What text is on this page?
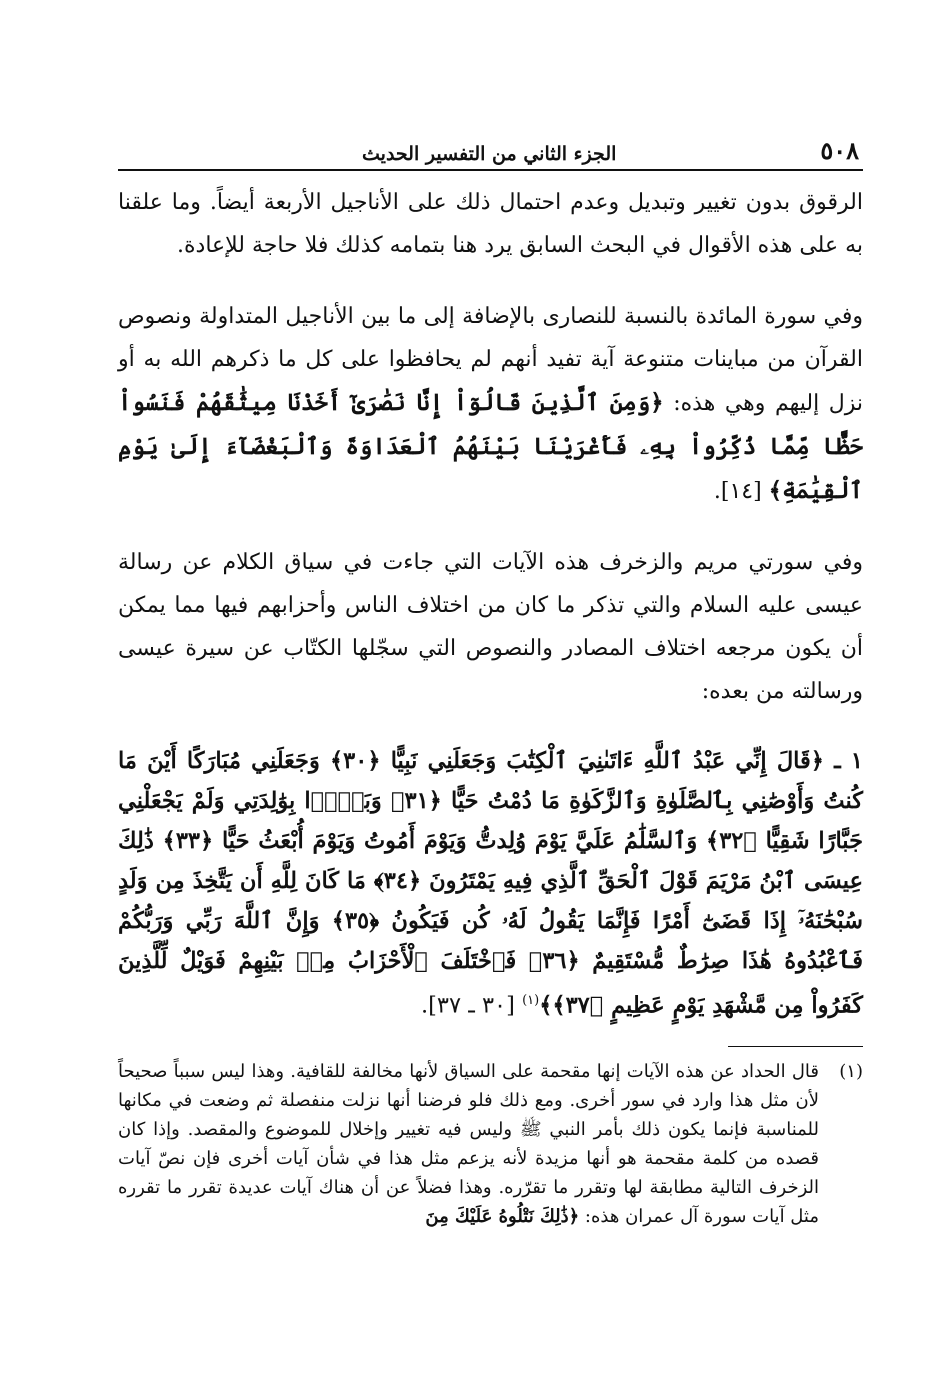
٥٠٨
الجزء الثاني من التفسير الحديث

الرقوق بدون تغيير وتبديل وعدم احتمال ذلك على الأناجيل الأربعة أيضاً. وما علقنا به على هذه الأقوال في البحث السابق يرد هنا بتمامه كذلك فلا حاجة للإعادة.

وفي سورة المائدة بالنسبة للنصارى بالإضافة إلى ما بين الأناجيل المتداولة ونصوص القرآن من مباينات متنوعة آية تفيد أنهم لم يحافظوا على كل ما ذكرهم الله به أو نزل إليهم وهي هذه: ﴿وَمِنَ ٱلَّذِينَ قَالُوٓاْ إِنَّا نَصَٰرَىٰٓ أَخَذْنَا مِيثَٰقَهُمْ فَنَسُواْ حَظًّا مِّمَّا ذُكِّرُواْ بِهِۦ فَأَغْرَيْنَا بَيْنَهُمُ ٱلْعَدَاوَةَ وَٱلْبَغْضَآءَ إِلَىٰ يَوْمِ ٱلْقِيَٰمَةِ﴾ [١٤].

وفي سورتي مريم والزخرف هذه الآيات التي جاءت في سياق الكلام عن رسالة عيسى عليه السلام والتي تذكر ما كان من اختلاف الناس وأحزابهم فيها مما يمكن أن يكون مرجعه اختلاف المصادر والنصوص التي سجّلها الكتّاب عن سيرة عيسى ورسالته من بعده:

١ ـ ﴿قَالَ إِنِّي عَبْدُ ٱللَّهِ ءَاتَىٰنِيَ ٱلْكِتَٰبَ وَجَعَلَنِي نَبِيًّا ﴿٣٠﴾ وَجَعَلَنِي مُبَارَكًا أَيْنَ مَا كُنتُ وَأَوْصَٰنِي بِٱلصَّلَوٰةِ وَٱلزَّكَوٰةِ مَا دُمْتُ حَيًّا ﴿٣١﴾ وَبَرًّۢا بِوَٰلِدَتِي وَلَمْ يَجْعَلْنِي جَبَّارًا شَقِيًّا ﴿٣٢﴾ وَٱلسَّلَٰمُ عَلَيَّ يَوْمَ وُلِدتُّ وَيَوْمَ أَمُوتُ وَيَوْمَ أُبْعَثُ حَيًّا ﴿٣٣﴾ ذَٰلِكَ عِيسَى ٱبْنُ مَرْيَمَ قَوْلَ ٱلْحَقِّ ٱلَّذِي فِيهِ يَمْتَرُونَ ﴿٣٤﴾ مَا كَانَ لِلَّهِ أَن يَتَّخِذَ مِن وَلَدٍ سُبْحَٰنَهُۥٓ إِذَا قَضَىٰٓ أَمْرًا فَإِنَّمَا يَقُولُ لَهُۥ كُن فَيَكُونُ ﴿٣٥﴾ وَإِنَّ ٱللَّهَ رَبِّي وَرَبُّكُمْ فَٱعْبُدُوهُ هَٰذَا صِرَٰطٌ مُّسْتَقِيمٌ ﴿٣٦﴾ فَٱخْتَلَفَ ٱلْأَحْزَابُ مِنۢ بَيْنِهِمْ فَوَيْلٌ لِّلَّذِينَ كَفَرُواْ مِن مَّشْهَدِ يَوْمٍ عَظِيمٍ ﴿٣٧﴾﴾$^{(١)}$ [٣٠ ـ ٣٧].
(١)
قال الحداد عن هذه الآيات إنها مقحمة على السياق لأنها مخالفة للقافية. وهذا ليس سبباً صحيحاً لأن مثل هذا وارد في سور أخرى. ومع ذلك فلو فرضنا أنها نزلت منفصلة ثم وضعت في مكانها للمناسبة فإنما يكون ذلك بأمر النبي ﷺ وليس فيه تغيير وإخلال للموضوع والمقصد. وإذا كان قصده من كلمة مقحمة هو أنها مزيدة لأنه يزعم مثل هذا في شأن آيات أخرى فإن نصّ آيات الزخرف التالية مطابقة لها وتقرر ما تقرّره. وهذا فضلاً عن أن هناك آيات عديدة تقرر ما تقرره مثل آيات سورة آل عمران هذه: ﴿ذَٰلِكَ نَتْلُوهُ عَلَيْكَ مِنَ
